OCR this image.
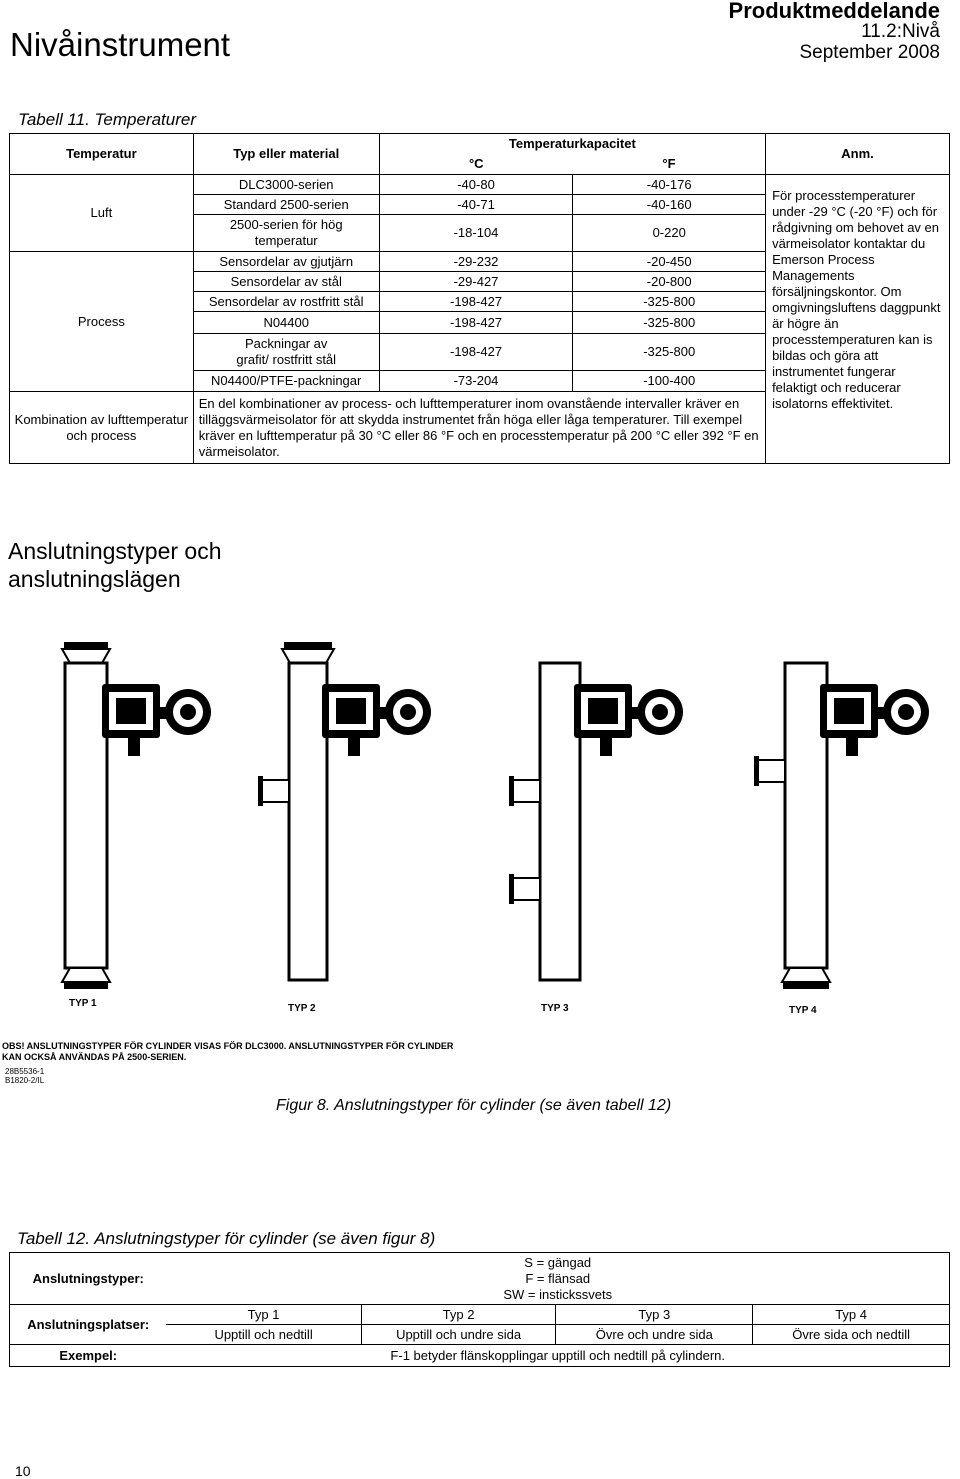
Nivåinstrument
Produktmeddelande
11.2:Nivå
September 2008
Tabell 11. Temperaturer
Temperatur	Typ eller material	Temperaturkapacitet		Anm.
		°C	°F	
Luft	DLC3000-serien	-40-80	-40-176	För processtemperaturer under -29 °C (-20 °F) och för rådgivning om behovet av en värmeisolator kontaktar du Emerson Process Managements försäljningskontor. Om omgivningsluftens daggpunkt är högre än processtemperaturen kan is bildas och göra att instrumentet fungerar felaktigt och reducerar isolatorns effektivitet.
	Standard 2500-serien	-40-71	-40-160	
	2500-serien för hög temperatur	-18-104	0-220	
Process	Sensordelar av gjutjärn	-29-232	-20-450	
	Sensordelar av stål	-29-427	-20-800	
	Sensordelar av rostfritt stål	-198-427	-325-800	
	N04400	-198-427	-325-800	
	Packningar av grafit/ rostfritt stål	-198-427	-325-800	
	N04400/PTFE-packningar	-73-204	-100-400	
Kombination av lufttemperatur och process	En del kombinationer av process- och lufttemperaturer inom ovanstående intervaller kräver en tilläggsvärmeisolator för att skydda instrumentet från höga eller låga temperaturer. Till exempel kräver en lufttemperatur på 30 °C eller 86 °F och en processtemperatur på 200 °C eller 392 °F en värmeisolator.			
Anslutningstyper och anslutningslägen
TYP 1	TYP 2	TYP 3	TYP 4
OBS! ANSLUTNINGSTYPER FÖR CYLINDER VISAS FÖR DLC3000. ANSLUTNINGSTYPER FÖR CYLINDER KAN OCKSÅ ANVÄNDAS PÅ 2500-SERIEN.
28B5536-1
B1820-2/IL
Figur 8. Anslutningstyper för cylinder (se även tabell 12)
Tabell 12. Anslutningstyper för cylinder (se även figur 8)
Anslutningstyper:	S = gängad
F = flänsad
SW = instickssvets			

Anslutningsplatser:	Typ 1	Typ 2	Typ 3	Typ 4
	Upptill och nedtill	Upptill och undre sida	Övre och undre sida	Övre sida och nedtill
Exempel:	F-1 betyder flänskopplingar upptill och nedtill på cylindern.			
10
